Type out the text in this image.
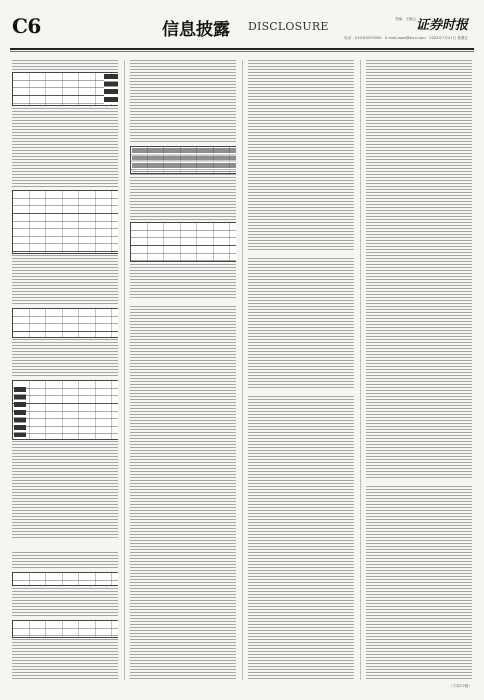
C6	信息披露 DISCLOSURE
责编：王晓云 证券时报
电话：010-63070000　E-mail:zqsb@stcn.com　2023年7月21日 星期五
（下转C7版）
